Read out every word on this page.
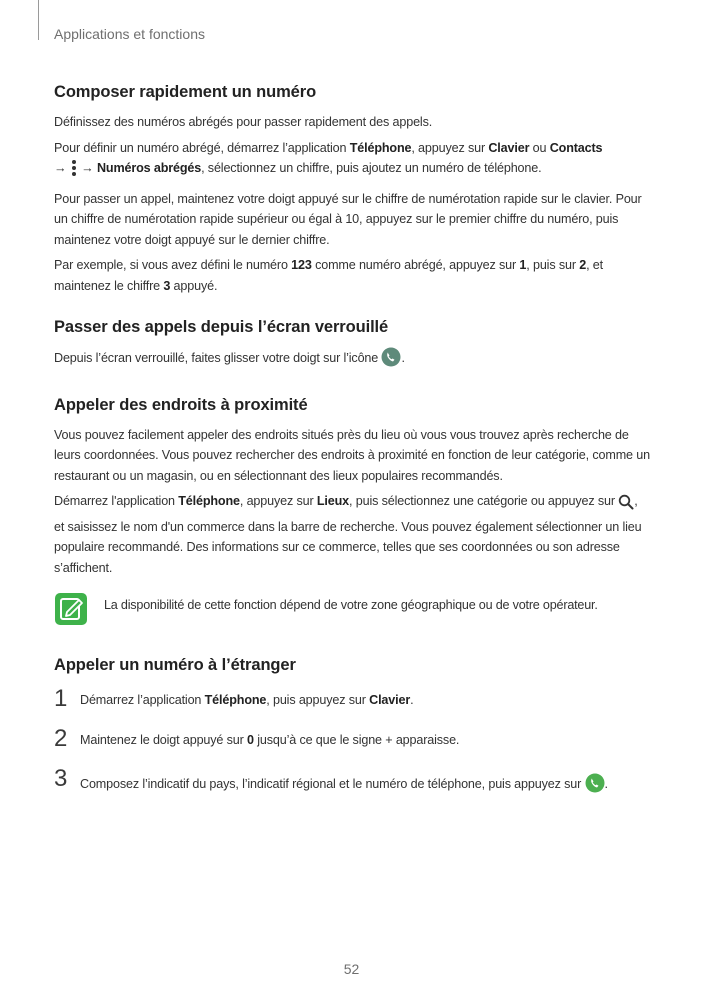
Applications et fonctions
Composer rapidement un numéro

Définissez des numéros abrégés pour passer rapidement des appels.

Pour définir un numéro abrégé, démarrez l’application Téléphone, appuyez sur Clavier ou Contacts
→  → Numéros abrégés, sélectionnez un chiffre, puis ajoutez un numéro de téléphone.

Pour passer un appel, maintenez votre doigt appuyé sur le chiffre de numérotation rapide sur le clavier. Pour un chiffre de numérotation rapide supérieur ou égal à 10, appuyez sur le premier chiffre du numéro, puis maintenez votre doigt appuyé sur le dernier chiffre.

Par exemple, si vous avez défini le numéro 123 comme numéro abrégé, appuyez sur 1, puis sur 2, et maintenez le chiffre 3 appuyé.

Passer des appels depuis l’écran verrouillé

Depuis l’écran verrouillé, faites glisser votre doigt sur l’icône .

Appeler des endroits à proximité

Vous pouvez facilement appeler des endroits situés près du lieu où vous vous trouvez après recherche de leurs coordonnées. Vous pouvez rechercher des endroits à proximité en fonction de leur catégorie, comme un restaurant ou un magasin, ou en sélectionnant des lieux populaires recommandés.

Démarrez l'application Téléphone, appuyez sur Lieux, puis sélectionnez une catégorie ou appuyez sur , et saisissez le nom d'un commerce dans la barre de recherche. Vous pouvez également sélectionner un lieu populaire recommandé. Des informations sur ce commerce, telles que ses coordonnées ou son adresse s’affichent.

La disponibilité de cette fonction dépend de votre zone géographique ou de votre opérateur.
Appeler un numéro à l’étranger
1 Démarrez l’application Téléphone, puis appuyez sur Clavier.
2 Maintenez le doigt appuyé sur 0 jusqu’à ce que le signe + apparaisse.
3 Composez l’indicatif du pays, l’indicatif régional et le numéro de téléphone, puis appuyez sur .
52
